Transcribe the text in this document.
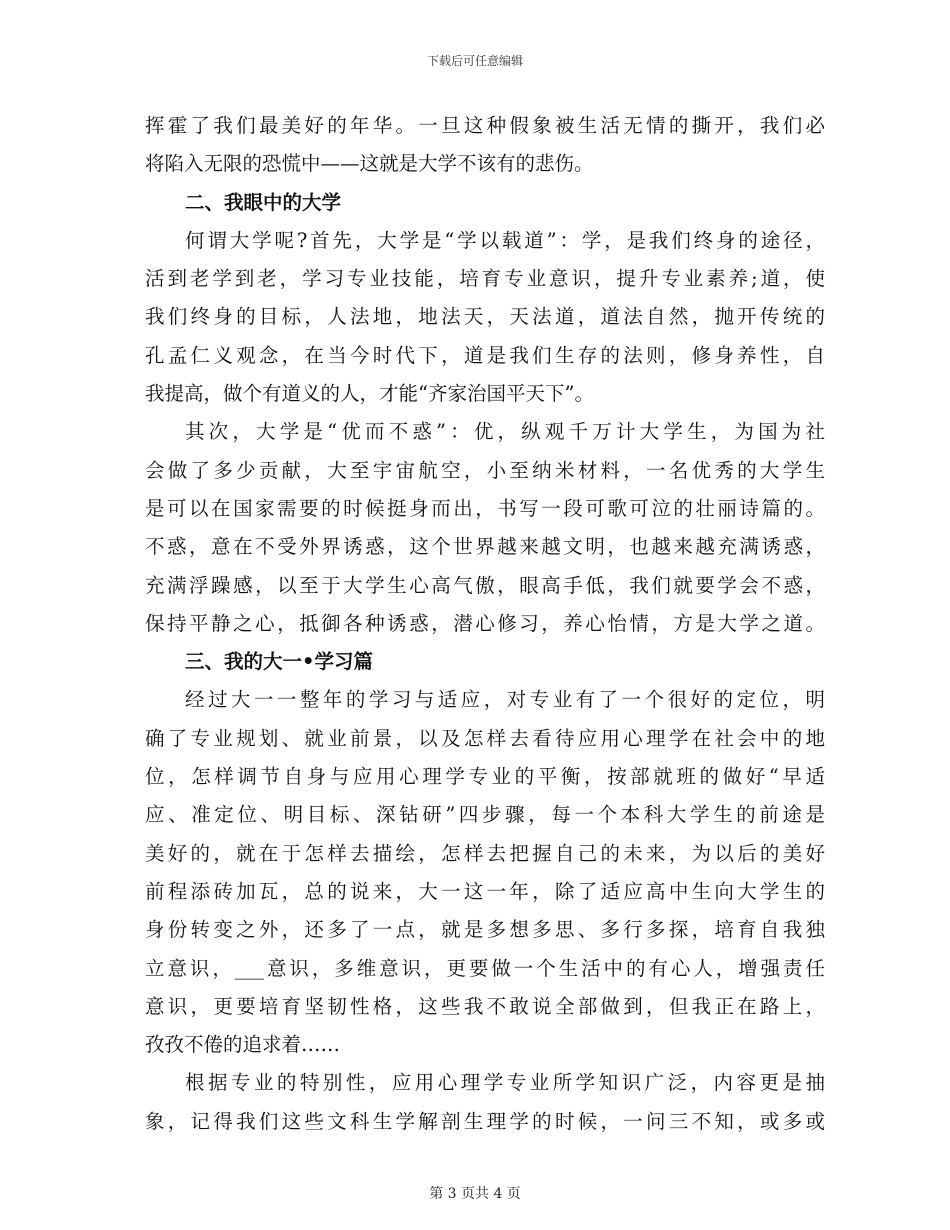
下载后可任意编辑
挥霍了我们最美好的年华。一旦这种假象被生活无情的撕开，我们必
将陷入无限的恐慌中——这就是大学不该有的悲伤。
二、我眼中的大学
何谓大学呢?首先，大学是“学以载道”：学，是我们终身的途径，
活到老学到老，学习专业技能，培育专业意识，提升专业素养;道，使
我们终身的目标，人法地，地法天，天法道，道法自然，抛开传统的
孔孟仁义观念，在当今时代下，道是我们生存的法则，修身养性，自
我提高，做个有道义的人，才能“齐家治国平天下”。
其次，大学是“优而不惑”：优，纵观千万计大学生，为国为社
会做了多少贡献，大至宇宙航空，小至纳米材料，一名优秀的大学生
是可以在国家需要的时候挺身而出，书写一段可歌可泣的壮丽诗篇的。
不惑，意在不受外界诱惑，这个世界越来越文明，也越来越充满诱惑，
充满浮躁感，以至于大学生心高气傲，眼高手低，我们就要学会不惑，
保持平静之心，抵御各种诱惑，潜心修习，养心怡情，方是大学之道。
三、我的大一•学习篇
经过大一一整年的学习与适应，对专业有了一个很好的定位，明
确了专业规划、就业前景，以及怎样去看待应用心理学在社会中的地
位，怎样调节自身与应用心理学专业的平衡，按部就班的做好“早适
应、准定位、明目标、深钻研”四步骤，每一个本科大学生的前途是
美好的，就在于怎样去描绘，怎样去把握自己的未来，为以后的美好
前程添砖加瓦，总的说来，大一这一年，除了适应高中生向大学生的
身份转变之外，还多了一点，就是多想多思、多行多探，培育自我独
立意识，___意识，多维意识，更要做一个生活中的有心人，增强责任
意识，更要培育坚韧性格，这些我不敢说全部做到，但我正在路上，
孜孜不倦的追求着……
根据专业的特别性，应用心理学专业所学知识广泛，内容更是抽
象，记得我们这些文科生学解剖生理学的时候，一问三不知，或多或
第 3 页共 4 页
